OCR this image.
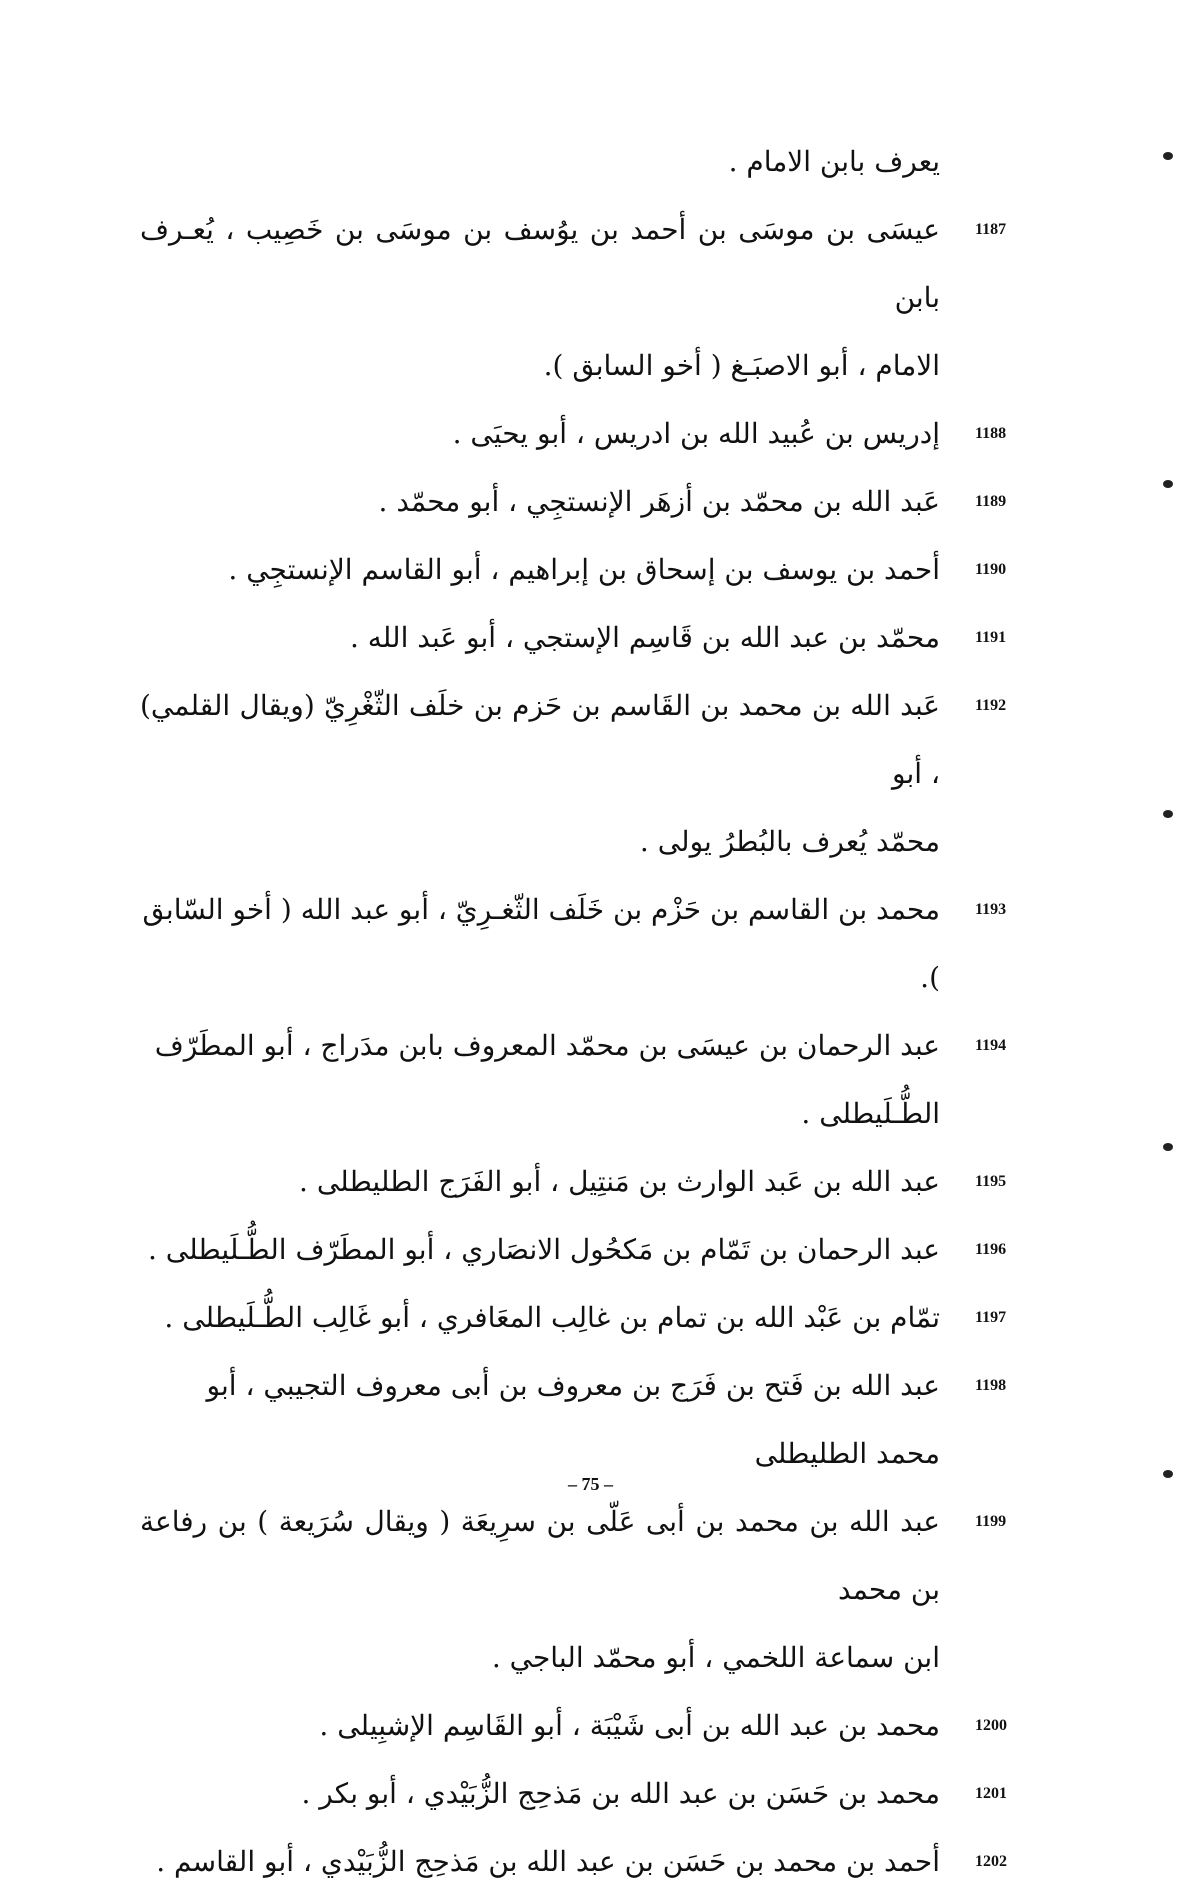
يعرف بابن الامام .
1187
عيسَى بن موسَى بن أحمد بن يوُسف بن موسَى بن خَصِيب ، يُعـرف بابن
الامام ، أبو الاصبَـغ ( أخو السابق ).
1188
إدريس بن عُبيد الله بن ادريس ، أبو يحيَى .
1189
عَبد الله بن محمّد بن أزهَر الإنستجِي ، أبو محمّد .
1190
أحمد بن يوسف بن إسحاق بن إبراهيم ، أبو القاسم الإنستجِي .
1191
محمّد بن عبد الله بن قَاسِم الإستجي ، أبو عَبد الله .
1192
عَبد الله بن محمد بن القَاسم بن حَزم بن خلَف الثّغْرِيّ (ويقال القلمي) ، أبو
محمّد يُعرف بالبُطرُ يولى .
1193
محمد بن القاسم بن حَزْم بن خَلَف الثّغـرِيّ ، أبو عبد الله ( أخو السّابق ).
1194
عبد الرحمان بن عيسَى بن محمّد المعروف بابن مدَراج ، أبو المطَرّف الطُّـلَيطلى .
1195
عبد الله بن عَبد الوارث بن مَنتِيل ، أبو الفَرَج الطليطلى .
1196
عبد الرحمان بن تَمّام بن مَكحُول الانصَاري ، أبو المطَرّف الطُّـلَيطلى .
1197
تمّام بن عَبْد الله بن تمام بن غالِب المعَافري ، أبو غَالِب الطُّـلَيطلى .
1198
عبد الله بن فَتح بن فَرَج بن معروف بن أبى معروف التجيبي ، أبو محمد الطليطلى
1199
عبد الله بن محمد بن أبى عَلّى بن سرِيعَة ( ويقال سُرَيعة ) بن رفاعة بن محمد
ابن سماعة اللخمي ، أبو محمّد الباجي .
1200
محمد بن عبد الله بن أبى شَيْبَة ، أبو القَاسِم الإشبِيلى .
1201
محمد بن حَسَن بن عبد الله بن مَذحِج الزُّبَيْدي ، أبو بكر .
1202
أحمد بن محمد بن حَسَن بن عبد الله بن مَذحِج الزُّبَيْدي ، أبو القاسم .
– 75 –
